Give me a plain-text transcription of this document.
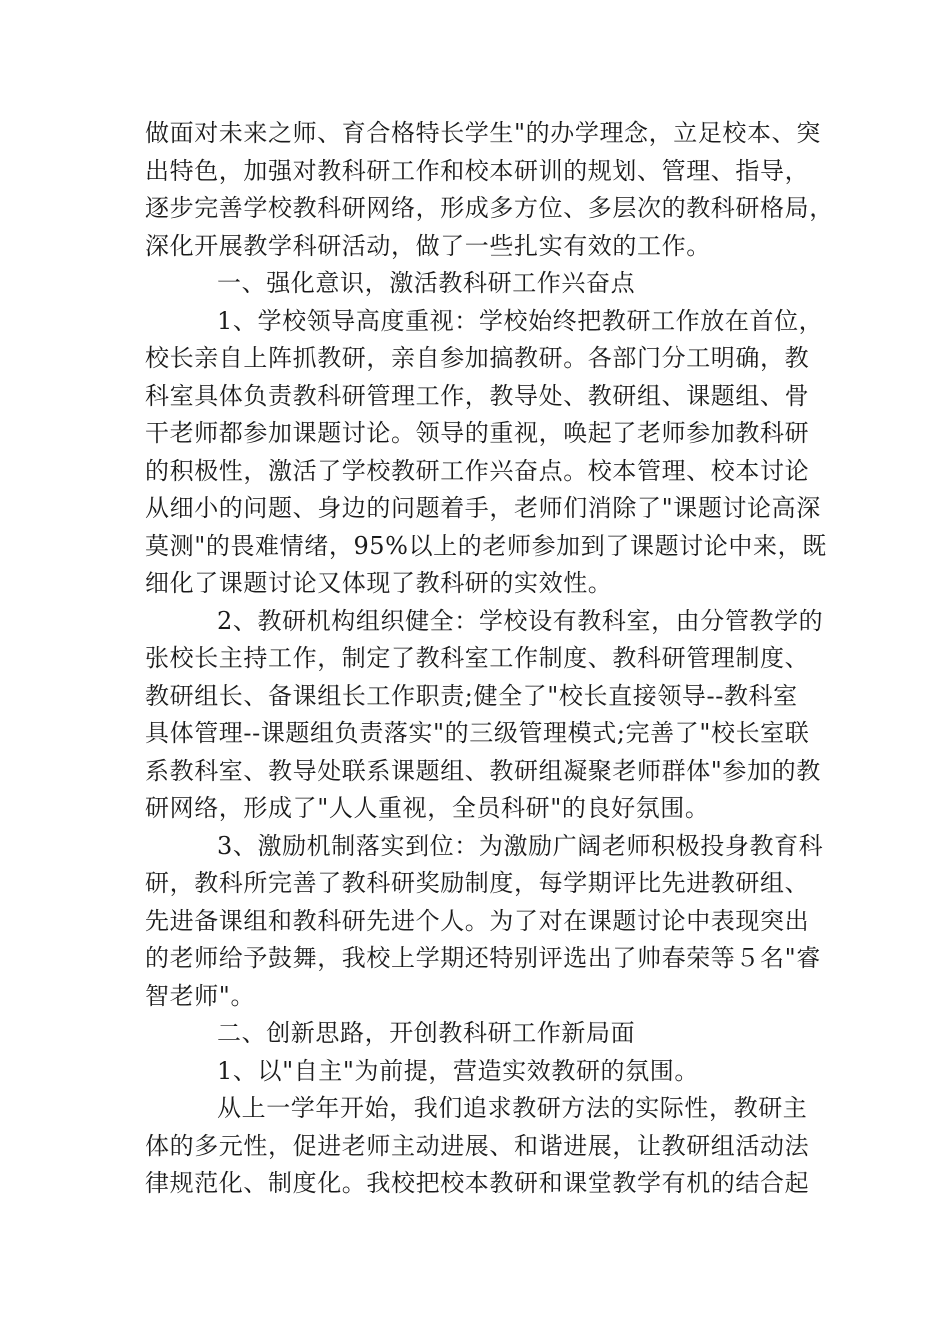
做面对未来之师、育合格特长学生"的办学理念，立足校本、突
出特色，加强对教科研工作和校本研训的规划、管理、指导，
逐步完善学校教科研网络，形成多方位、多层次的教科研格局，
深化开展教学科研活动，做了一些扎实有效的工作。
一、强化意识，激活教科研工作兴奋点
1、学校领导高度重视：学校始终把教研工作放在首位，
校长亲自上阵抓教研，亲自参加搞教研。各部门分工明确，教
科室具体负责教科研管理工作，教导处、教研组、课题组、骨
干老师都参加课题讨论。领导的重视，唤起了老师参加教科研
的积极性，激活了学校教研工作兴奋点。校本管理、校本讨论
从细小的问题、身边的问题着手，老师们消除了"课题讨论高深
莫测"的畏难情绪，95%以上的老师参加到了课题讨论中来，既
细化了课题讨论又体现了教科研的实效性。
2、教研机构组织健全：学校设有教科室，由分管教学的
张校长主持工作，制定了教科室工作制度、教科研管理制度、
教研组长、备课组长工作职责;健全了"校长直接领导--教科室
具体管理--课题组负责落实"的三级管理模式;完善了"校长室联
系教科室、教导处联系课题组、教研组凝聚老师群体"参加的教
研网络，形成了"人人重视，全员科研"的良好氛围。
3、激励机制落实到位：为激励广阔老师积极投身教育科
研，教科所完善了教科研奖励制度，每学期评比先进教研组、
先进备课组和教科研先进个人。为了对在课题讨论中表现突出
的老师给予鼓舞，我校上学期还特别评选出了帅春荣等５名"睿
智老师"。
二、创新思路，开创教科研工作新局面
1、以"自主"为前提，营造实效教研的氛围。
从上一学年开始，我们追求教研方法的实际性，教研主
体的多元性，促进老师主动进展、和谐进展，让教研组活动法
律规范化、制度化。我校把校本教研和课堂教学有机的结合起
